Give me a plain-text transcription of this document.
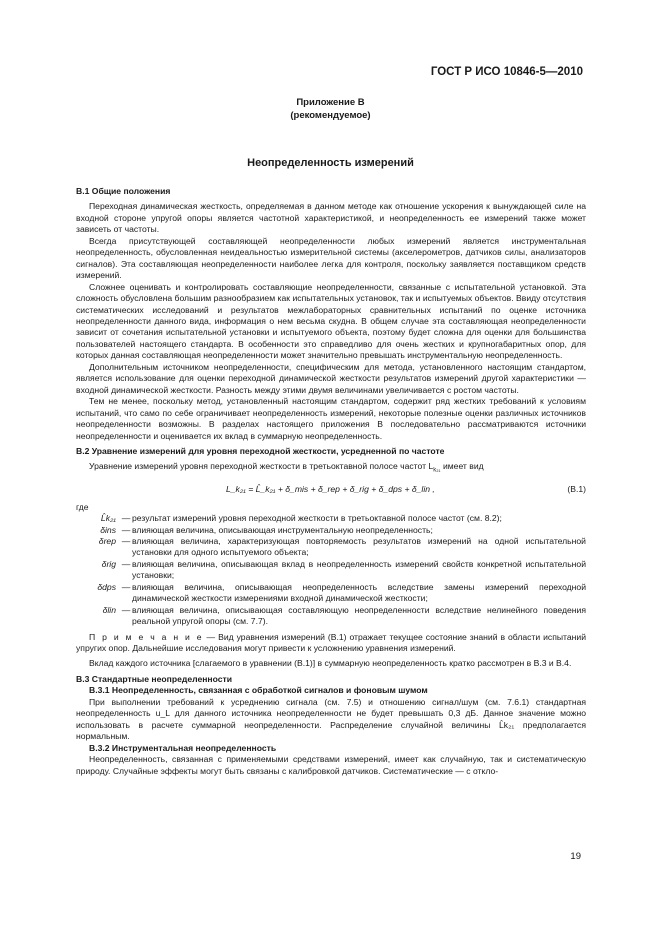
ГОСТ Р ИСО 10846-5—2010
Приложение B
(рекомендуемое)
Неопределенность измерений

B.1 Общие положения

Переходная динамическая жесткость, определяемая в данном методе как отношение ускорения к вынуждающей силе на входной стороне упругой опоры является частотной характеристикой, и неопределенность ее измерений также может зависеть от частоты.

Всегда присутствующей составляющей неопределенности любых измерений является инструментальная неопределенность, обусловленная неидеальностью измерительной системы (акселерометров, датчиков силы, анализаторов сигналов). Эта составляющая неопределенности наиболее легка для контроля, поскольку заявляется поставщиком средств измерений.

Сложнее оценивать и контролировать составляющие неопределенности, связанные с испытательной установкой. Эта сложность обусловлена большим разнообразием как испытательных установок, так и испытуемых объектов. Ввиду отсутствия систематических исследований и результатов межлабораторных сравнительных испытаний по оценке источника неопределенности данного вида, информация о нем весьма скудна. В общем случае эта составляющая неопределенности зависит от сочетания испытательной установки и испытуемого объекта, поэтому будет сложна для оценки для большинства пользователей настоящего стандарта. В особенности это справедливо для очень жестких и крупногабаритных опор, для которых данная составляющая неопределенности может значительно превышать инструментальную неопределенность.

Дополнительным источником неопределенности, специфическим для метода, установленного настоящим стандартом, является использование для оценки переходной динамической жесткости результатов измерений другой характеристики — входной динамической жесткости. Разность между этими двумя величинами увеличивается с ростом частоты.

Тем не менее, поскольку метод, установленный настоящим стандартом, содержит ряд жестких требований к условиям испытаний, что само по себе ограничивает неопределенность измерений, некоторые полезные оценки различных источников неопределенности возможны. В разделах настоящего приложения В последовательно рассматриваются источники неопределенности и оценивается их вклад в суммарную неопределенность.

B.2 Уравнение измерений для уровня переходной жесткости, усредненной по частоте

Уравнение измерений уровня переходной жесткости в третьоктавной полосе частот $L_{k_{21}}$ имеет вид

L_k₂₁ = L̂_k₂₁ + δ_mis + δ_rep + δ_rig + δ_dps + δ_lin ,	(B.1)
где
L̂k₂₁ — результат измерений уровня переходной жесткости в третьоктавной полосе частот (см. 8.2);
δins — влияющая величина, описывающая инструментальную неопределенность;
δrep — влияющая величина, характеризующая повторяемость результатов измерений на одной испытательной установки для одного испытуемого объекта;
δrig — влияющая величина, описывающая вклад в неопределенность измерений свойств конкретной испытательной установки;
δdps — влияющая величина, описывающая неопределенность вследствие замены измерений переходной динамической жесткости измерениями входной динамической жесткости;
δlin — влияющая величина, описывающая составляющую неопределенности вследствие нелинейного поведения реальной упругой опоры (см. 7.7).

П р и м е ч а н и е — Вид уравнения измерений (B.1) отражает текущее состояние знаний в области испытаний упругих опор. Дальнейшие исследования могут привести к усложнению уравнения измерений.

Вклад каждого источника [слагаемого в уравнении (B.1)] в суммарную неопределенность кратко рассмотрен в B.3 и B.4.

B.3 Стандартные неопределенности

B.3.1 Неопределенность, связанная с обработкой сигналов и фоновым шумом

При выполнении требований к усреднению сигнала (см. 7.5) и отношению сигнал/шум (см. 7.6.1) стандартная неопределенность u_L для данного источника неопределенности не будет превышать 0,3 дБ. Данное значение можно использовать в расчете суммарной неопределенности. Распределение случайной величины L̂k₂₁ предполагается нормальным.

B.3.2 Инструментальная неопределенность

Неопределенность, связанная с применяемыми средствами измерений, имеет как случайную, так и систематическую природу. Случайные эффекты могут быть связаны с калибровкой датчиков. Систематические — с откло-

19
